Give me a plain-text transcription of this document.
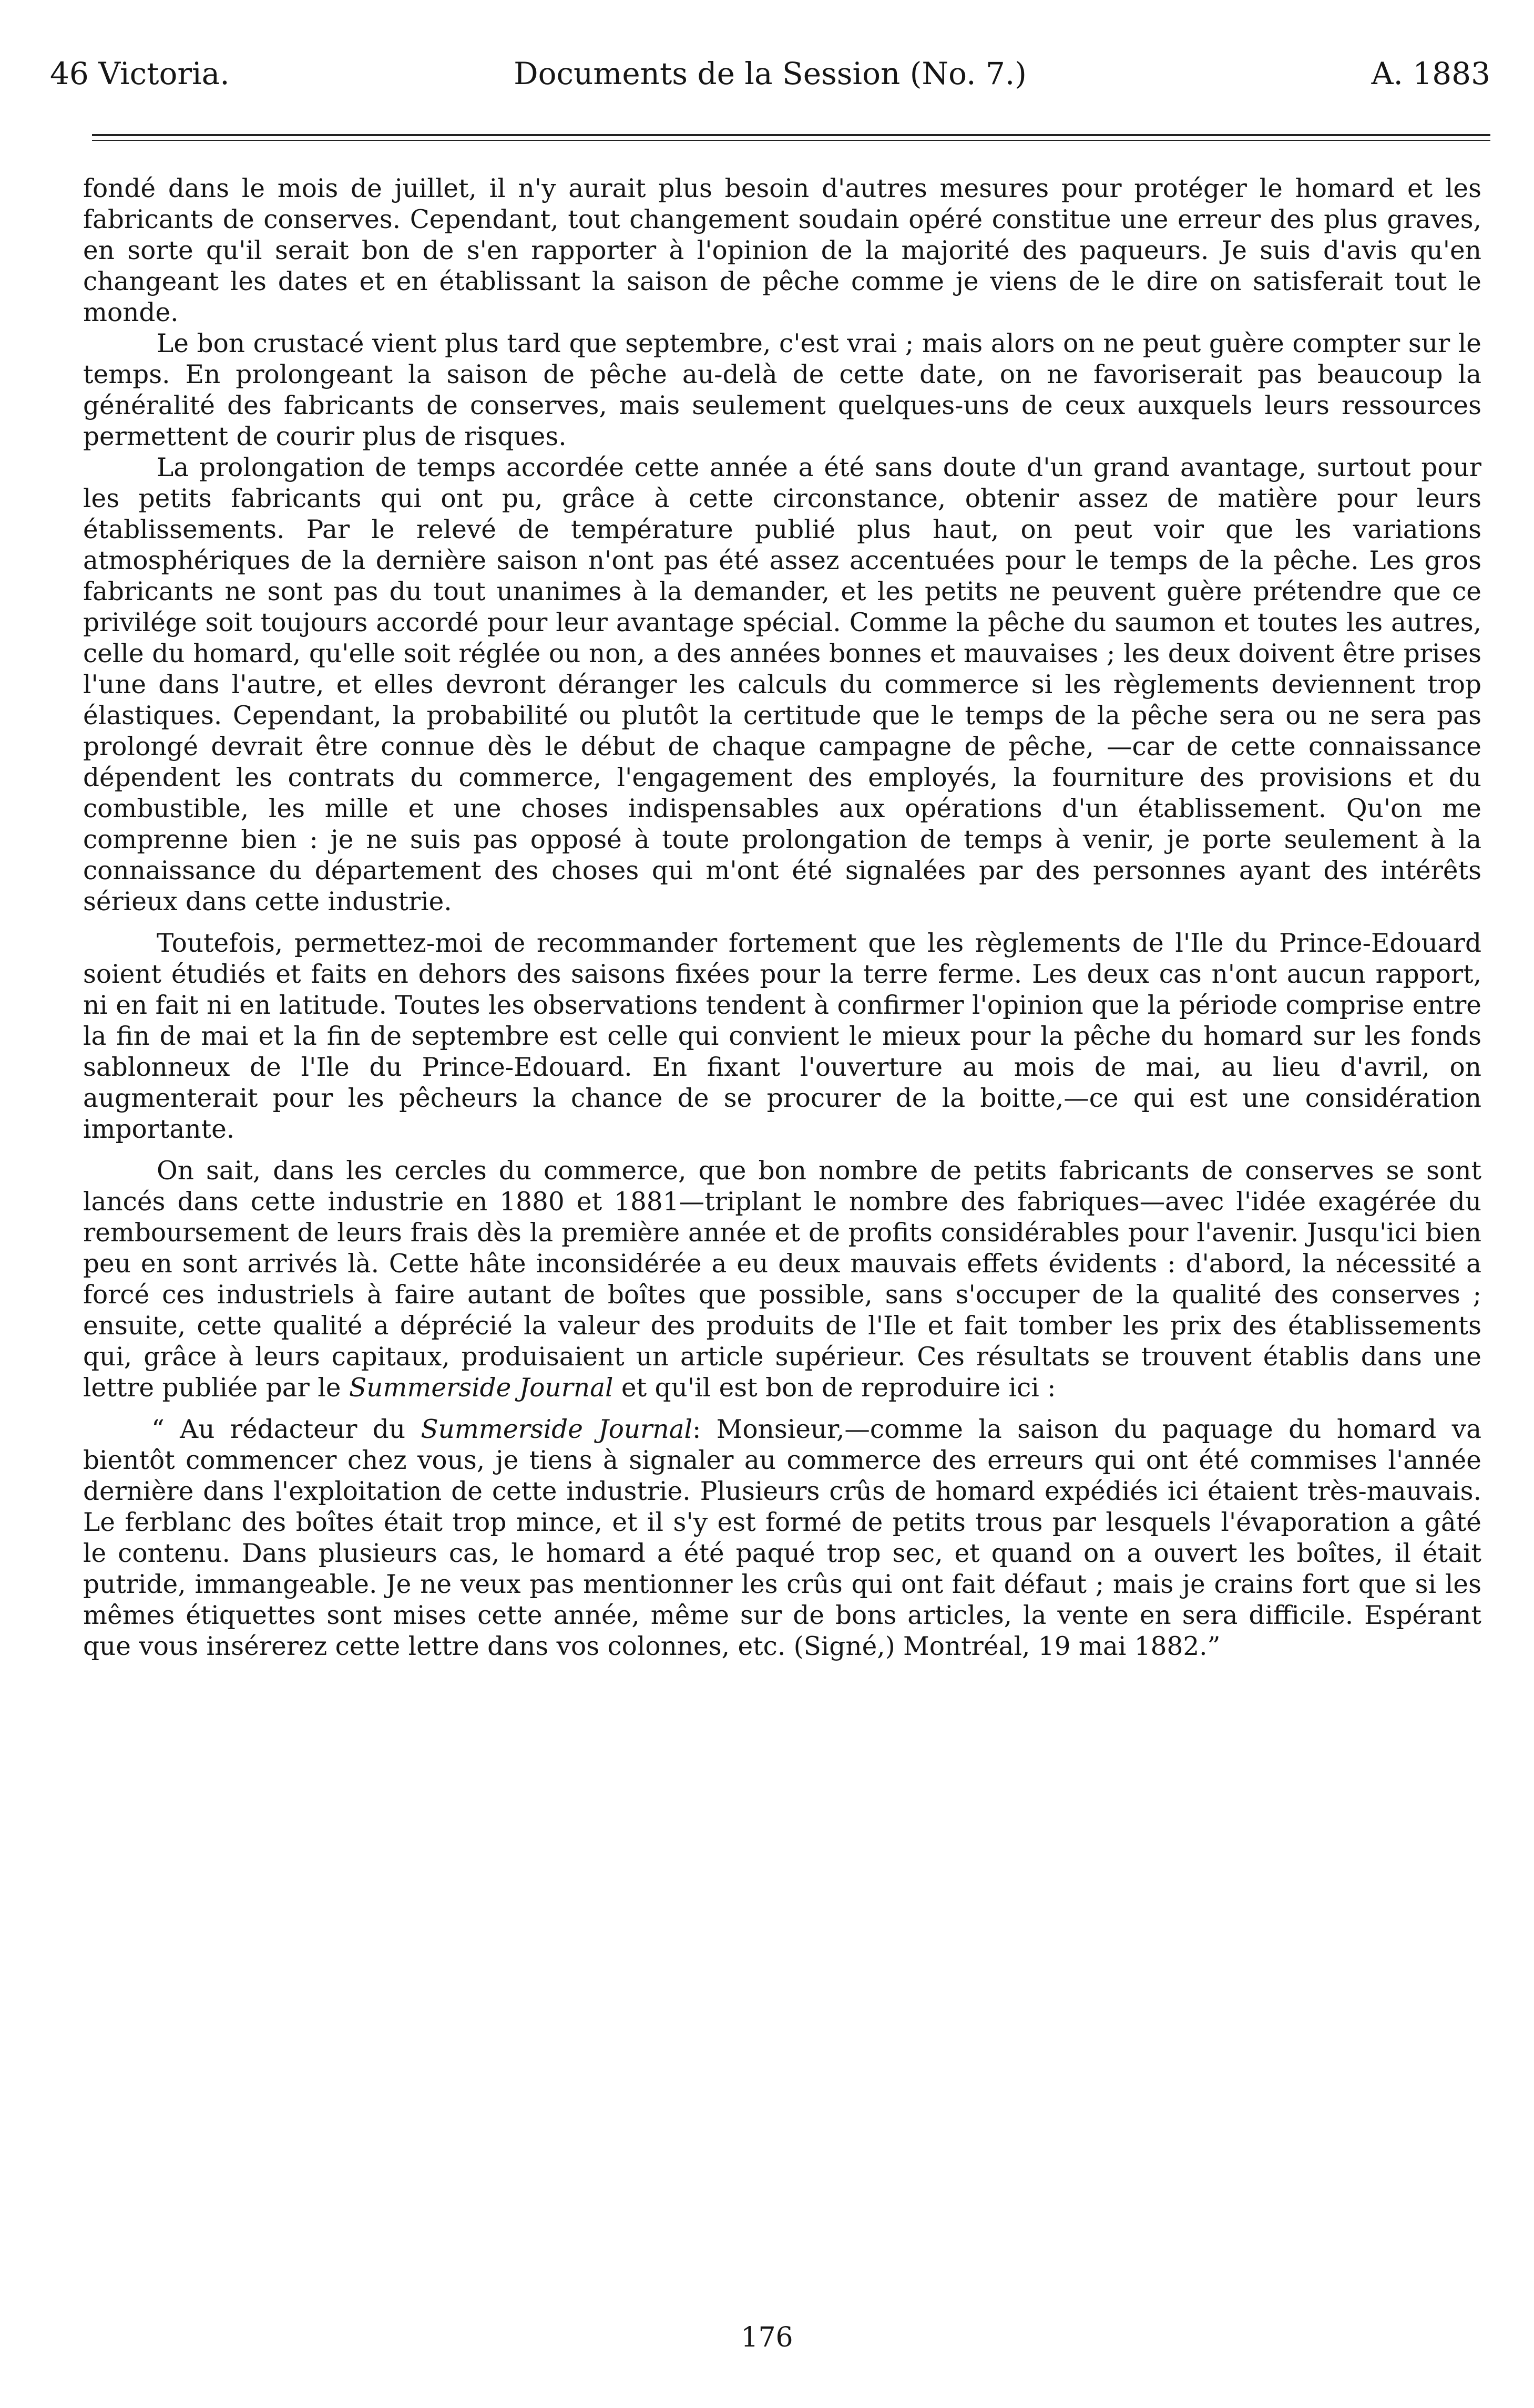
46 Victoria.	Documents de la Session (No. 7.)	A. 1883

fondé dans le mois de juillet, il n'y aurait plus besoin d'autres mesures pour protéger le homard et les fabricants de conserves. Cependant, tout changement soudain opéré constitue une erreur des plus graves, en sorte qu'il serait bon de s'en rapporter à l'opinion de la majorité des paqueurs. Je suis d'avis qu'en changeant les dates et en établissant la saison de pêche comme je viens de le dire on satisferait tout le monde.

Le bon crustacé vient plus tard que septembre, c'est vrai ; mais alors on ne peut guère compter sur le temps. En prolongeant la saison de pêche au-delà de cette date, on ne favoriserait pas beaucoup la généralité des fabricants de conserves, mais seulement quelques-uns de ceux auxquels leurs ressources permettent de courir plus de risques.

La prolongation de temps accordée cette année a été sans doute d'un grand avantage, surtout pour les petits fabricants qui ont pu, grâce à cette circonstance, obtenir assez de matière pour leurs établissements. Par le relevé de température publié plus haut, on peut voir que les variations atmosphériques de la dernière saison n'ont pas été assez accentuées pour le temps de la pêche. Les gros fabricants ne sont pas du tout unanimes à la demander, et les petits ne peuvent guère prétendre que ce privilége soit toujours accordé pour leur avantage spécial. Comme la pêche du saumon et toutes les autres, celle du homard, qu'elle soit réglée ou non, a des années bonnes et mauvaises ; les deux doivent être prises l'une dans l'autre, et elles devront déranger les calculs du commerce si les règlements deviennent trop élastiques. Cependant, la probabilité ou plutôt la certitude que le temps de la pêche sera ou ne sera pas prolongé devrait être connue dès le début de chaque campagne de pêche, —car de cette connaissance dépendent les contrats du commerce, l'engagement des employés, la fourniture des provisions et du combustible, les mille et une choses indispensables aux opérations d'un établissement. Qu'on me comprenne bien : je ne suis pas opposé à toute prolongation de temps à venir, je porte seulement à la connaissance du département des choses qui m'ont été signalées par des personnes ayant des intérêts sérieux dans cette industrie.

Toutefois, permettez-moi de recommander fortement que les règlements de l'Ile du Prince-Edouard soient étudiés et faits en dehors des saisons fixées pour la terre ferme. Les deux cas n'ont aucun rapport, ni en fait ni en latitude. Toutes les observations tendent à confirmer l'opinion que la période comprise entre la fin de mai et la fin de septembre est celle qui convient le mieux pour la pêche du homard sur les fonds sablonneux de l'Ile du Prince-Edouard. En fixant l'ouverture au mois de mai, au lieu d'avril, on augmenterait pour les pêcheurs la chance de se procurer de la boitte,—ce qui est une considération importante.

On sait, dans les cercles du commerce, que bon nombre de petits fabricants de conserves se sont lancés dans cette industrie en 1880 et 1881—triplant le nombre des fabriques—avec l'idée exagérée du remboursement de leurs frais dès la première année et de profits considérables pour l'avenir. Jusqu'ici bien peu en sont arrivés là. Cette hâte inconsidérée a eu deux mauvais effets évidents : d'abord, la nécessité a forcé ces industriels à faire autant de boîtes que possible, sans s'occuper de la qualité des conserves ; ensuite, cette qualité a déprécié la valeur des produits de l'Ile et fait tomber les prix des établissements qui, grâce à leurs capitaux, produisaient un article supérieur. Ces résultats se trouvent établis dans une lettre publiée par le Summerside Journal et qu'il est bon de reproduire ici :

“ Au rédacteur du Summerside Journal: Monsieur,—comme la saison du paquage du homard va bientôt commencer chez vous, je tiens à signaler au commerce des erreurs qui ont été commises l'année dernière dans l'exploitation de cette industrie. Plusieurs crûs de homard expédiés ici étaient très-mauvais. Le ferblanc des boîtes était trop mince, et il s'y est formé de petits trous par lesquels l'évaporation a gâté le contenu. Dans plusieurs cas, le homard a été paqué trop sec, et quand on a ouvert les boîtes, il était putride, immangeable. Je ne veux pas mentionner les crûs qui ont fait défaut ; mais je crains fort que si les mêmes étiquettes sont mises cette année, même sur de bons articles, la vente en sera difficile. Espérant que vous insérerez cette lettre dans vos colonnes, etc. (Signé,) Montréal, 19 mai 1882.”

176
